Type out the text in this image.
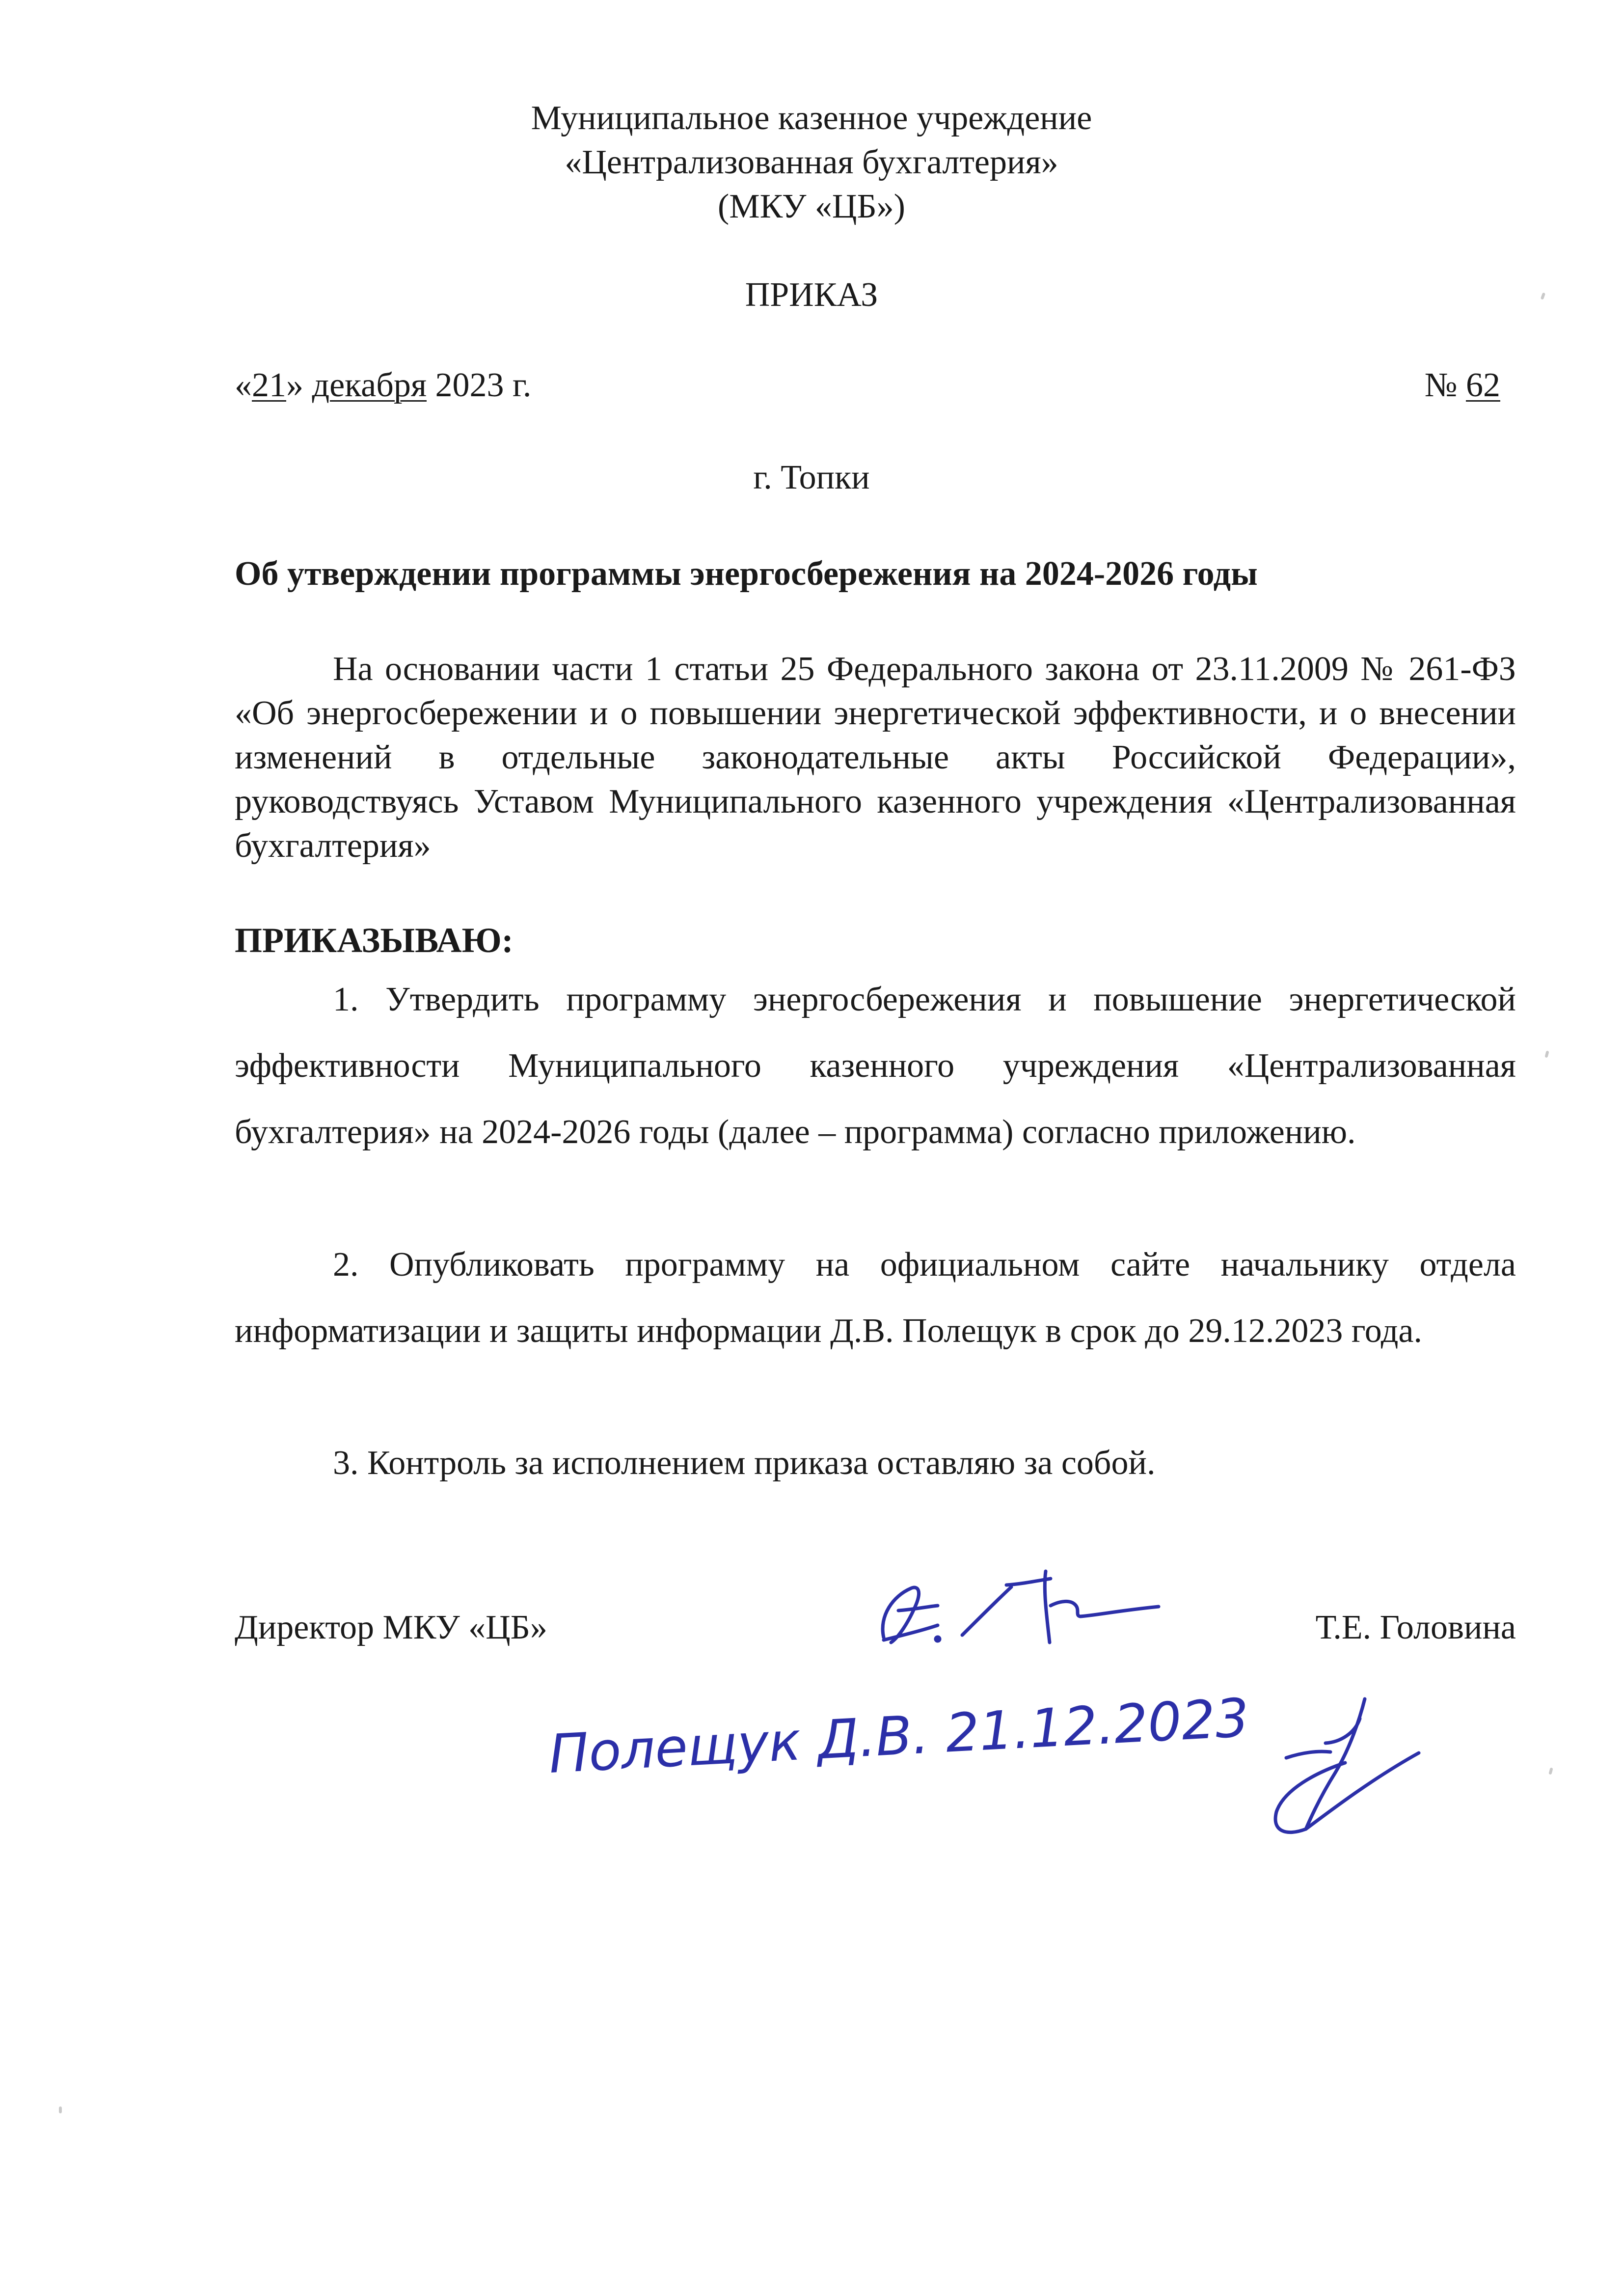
Муниципальное казенное учреждение
«Централизованная бухгалтерия»
(МКУ «ЦБ»)
ПРИКАЗ
«21» декабря 2023 г.	№ 62
г. Топки
Об утверждении программы энергосбережения на 2024-2026 годы
На основании части 1 статьи 25 Федерального закона от 23.11.2009 № 261-ФЗ «Об энергосбережении и о повышении энергетической эффективности, и о внесении изменений в отдельные законодательные акты Российской Федерации», руководствуясь Уставом Муниципального казенного учреждения «Централизованная бухгалтерия»
ПРИКАЗЫВАЮ:
1. Утвердить программу энергосбережения и повышение энергетической эффективности Муниципального казенного учреждения «Централизованная бухгалтерия» на 2024-2026 годы (далее – программа) согласно приложению.
2. Опубликовать программу на официальном сайте начальнику отдела информатизации и защиты информации Д.В. Полещук в срок до 29.12.2023 года.
3. Контроль за исполнением приказа оставляю за собой.
Директор МКУ «ЦБ»	Т.Е. Головина
Полещук Д.В. 21.12.2023
